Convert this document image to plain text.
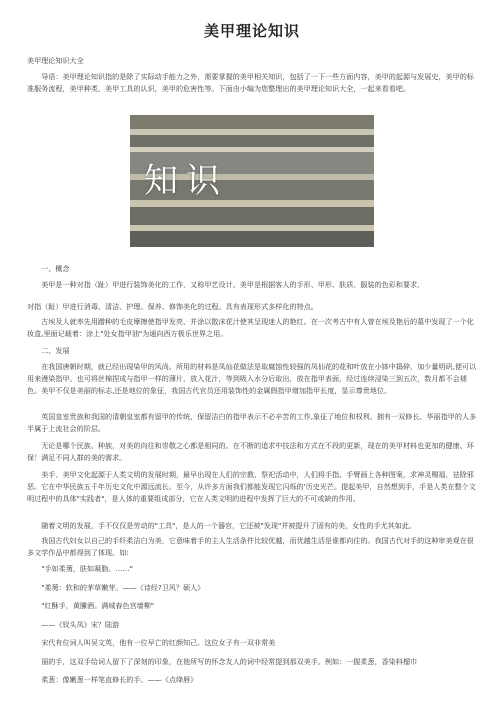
美甲理论知识

美甲理论知识大全

导语：美甲理论知识指的是除了实际动手能力之外，需要掌握的美甲相关知识，包括了一下一些方面内容，美甲的起源与发展史，美甲的标准服务流程，美甲种类，美甲工具的认识，美甲的危害性等。下面由小编为您整理出的美甲理论知识大全，一起来看看吧。

知识

一、概念

美甲是一种对指（趾）甲进行装饰美化的工作，又称甲艺设计。美甲是根据客人的手形、甲形、肤质、服装的色彩和要求，

对指（趾）甲进行消毒、清洁、护理、保养、修饰美化的过程。具有表现形式多样化的特点。

古埃及人就率先用蹭种的毛皮摩擦使指甲发亮，并涂以散沫花汁使其呈现迷人的艳红。在一次考古中有人曾在埃及艳后的墓中发现了一个化妆盒,里面记载着：涂上"处女指甲油"为通向西方极乐世界之用。

二、发展

在我国唐朝时期，就已经出现染甲的风尚。所用的材料是凤仙花做法是取腐蚀性较强的凤仙花的花和叶放在小钵中捣碎，加少量明矾,便可以用来漫染指甲。也可将丝棉捏成与指甲一样的薄片，放入花汁，等到吸入水分后取出，放在指甲表面，经过连续浸染三到五次，数月都不会褪色。美甲不仅是美丽的标志,还是地位的象征，我国古代官员还用装饰性的金属假指甲增加指甲长度，显示尊贵地位。

英国皇室贵族和我国的清朝皇室都有留甲的传统，保留洁白的指甲表示不必辛苦的工作,象征了地位和权利。拥有一双修长、华丽指甲的人多半属于上流社会的阶层。

无论是哪个民族、种族，对美的向往和崇敬之心都是相同的。在不断的追求中技法和方式在不段的更新，现在的美甲材料也更加的健康、环保！满足不同人群的美的需求。

美手、美甲文化起源于人类文明的发展时期，最早出现在人们的宗教、祭祀活动中，人们将手指、手臂画上各种图案，求神灵赐福，祛除邪恶。它在中华民族五千年历史文化中源远流长。至今，从许多方面我们都能发现它闪烁的'历史光芒。提起美甲，自然想到手，手是人类在整个文明过程中的具体"实践者"，是人体的重要组成部分，它在人类文明的进程中发挥了巨大的不可或缺的作用。

随着文明的发展，手不仅仅是劳动的"工具"，是人的一个器官，它还被"发现"并被提升了固有的美，女性的手尤其如此。

我国古代妇女以自己的手纤柔洁白为美，它意味着手的主人生活条件比较优越，而优越生活是谁都向往的。我国古代对手的这种审美观在很多文学作品中都得到了体现。如:

"手如柔荑，肤如凝脂。……"

"柔荑：软和的茅草嫩芽。——《诗经?卫风？硕人》

"红酥手，黄縢酒。满城春色宫墙柳"

——《钗头凤》宋？陆游

宋代有位词人叫吴文英，他有一位早亡的红颜知己。这位女子有一双非常美

丽的手，这双手给词人留下了深刻的印象，在他所写的怀念友人的词中经常提到那双美手。例如：一握柔葱，香染料榴巾

柔葱：像嫩葱一样笔直修长的手。——《点绛唇》
